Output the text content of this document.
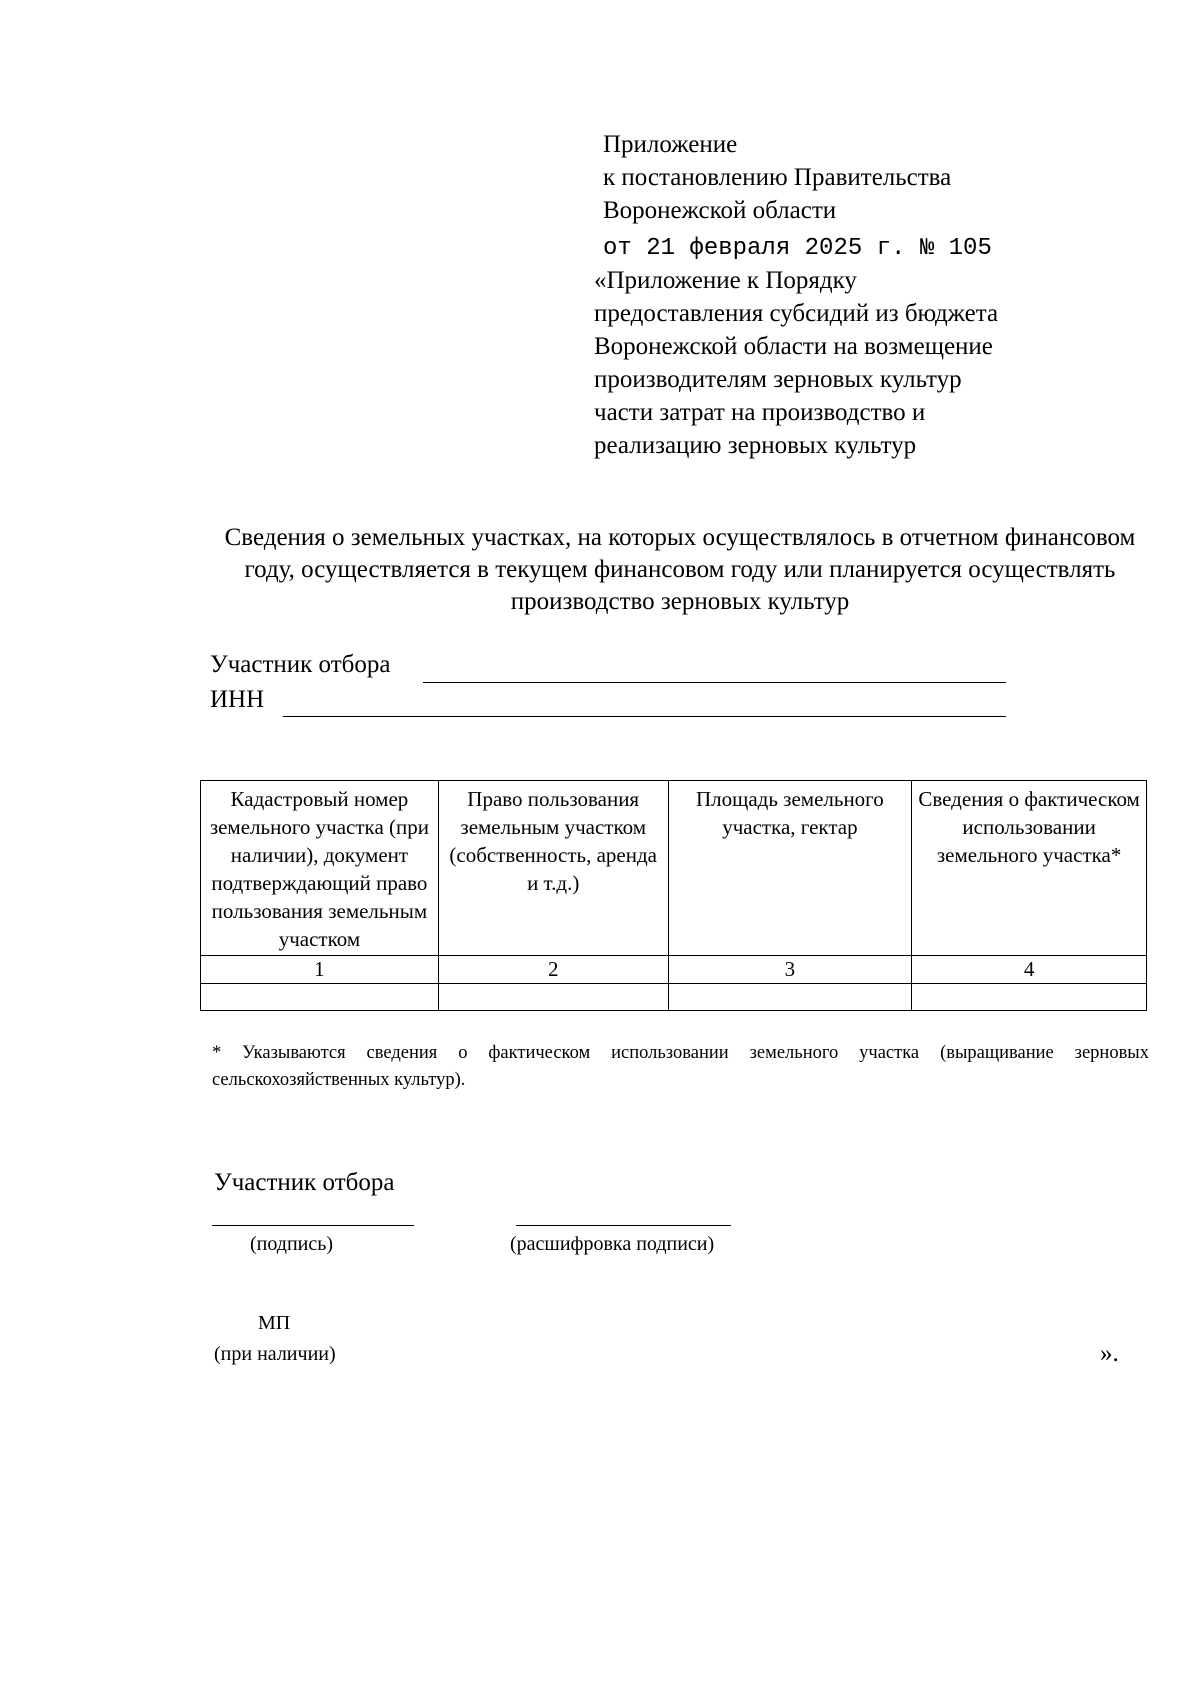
Приложение
к постановлению Правительства
Воронежской области
от 21 февраля 2025 г. № 105
«Приложение к Порядку
предоставления субсидий из бюджета
Воронежской области на возмещение
производителям зерновых культур
части затрат на производство и
реализацию зерновых культур
Сведения о земельных участках, на которых осуществлялось в отчетном финансовом году, осуществляется в текущем финансовом году или планируется осуществлять производство зерновых культур
Участник отбора
ИНН
Кадастровый номер земельного участка (при наличии), документ подтверждающий право пользования земельным участком	Право пользования земельным участком (собственность, аренда и т.д.)	Площадь земельного участка, гектар	Сведения о фактическом использовании земельного участка*
1	2	3	4

* Указываются сведения о фактическом использовании земельного участка (выращивание зерновых сельскохозяйственных культур).
Участник отбора
(подпись)	(расшифровка подписи)
МП
(при наличии)	».
